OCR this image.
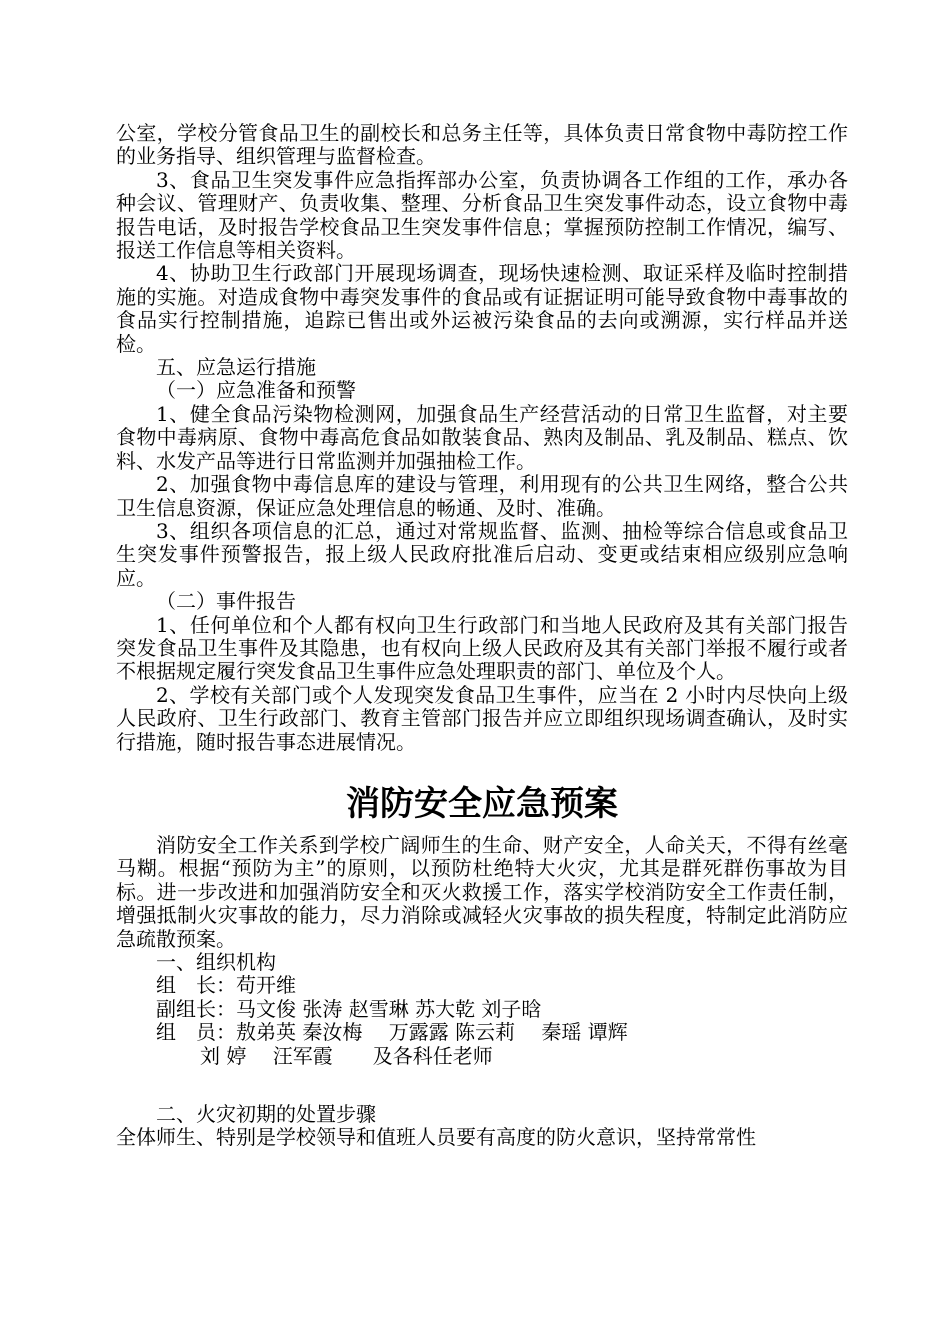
公室，学校分管食品卫生的副校长和总务主任等，具体负责日常食物中毒防控工作的业务指导、组织管理与监督检查。

3、食品卫生突发事件应急指挥部办公室，负责协调各工作组的工作，承办各种会议、管理财产、负责收集、整理、分析食品卫生突发事件动态，设立食物中毒报告电话，及时报告学校食品卫生突发事件信息；掌握预防控制工作情况，编写、报送工作信息等相关资料。

4、协助卫生行政部门开展现场调查，现场快速检测、取证采样及临时控制措施的实施。对造成食物中毒突发事件的食品或有证据证明可能导致食物中毒事故的食品实行控制措施，追踪已售出或外运被污染食品的去向或溯源，实行样品并送检。

五、应急运行措施

（一）应急准备和预警

1、健全食品污染物检测网，加强食品生产经营活动的日常卫生监督，对主要食物中毒病原、食物中毒高危食品如散装食品、熟肉及制品、乳及制品、糕点、饮料、水发产品等进行日常监测并加强抽检工作。

2、加强食物中毒信息库的建设与管理，利用现有的公共卫生网络，整合公共卫生信息资源，保证应急处理信息的畅通、及时、准确。

3、组织各项信息的汇总，通过对常规监督、监测、抽检等综合信息或食品卫生突发事件预警报告，报上级人民政府批准后启动、变更或结束相应级别应急响应。

（二）事件报告

1、任何单位和个人都有权向卫生行政部门和当地人民政府及其有关部门报告突发食品卫生事件及其隐患，也有权向上级人民政府及其有关部门举报不履行或者不根据规定履行突发食品卫生事件应急处理职责的部门、单位及个人。

2、学校有关部门或个人发现突发食品卫生事件，应当在 2 小时内尽快向上级人民政府、卫生行政部门、教育主管部门报告并应立即组织现场调查确认，及时实行措施，随时报告事态进展情况。

消防安全应急预案

消防安全工作关系到学校广阔师生的生命、财产安全，人命关天，不得有丝毫马糊。根据“预防为主”的原则，以预防杜绝特大火灾，尤其是群死群伤事故为目标。进一步改进和加强消防安全和灭火救援工作，落实学校消防安全工作责任制，增强抵制火灾事故的能力，尽力消除或减轻火灾事故的损失程度，特制定此消防应急疏散预案。

一、组织机构

组　长：苟开维

副组长：马文俊 张涛 赵雪琳 苏大乾 刘子晗

组　员：敖弟英 秦汝梅　 万露露 陈云莉　 秦瑶 谭辉

刘 婷　 汪军霞　　及各科任老师

二、火灾初期的处置步骤

全体师生、特别是学校领导和值班人员要有高度的防火意识，坚持常常性
